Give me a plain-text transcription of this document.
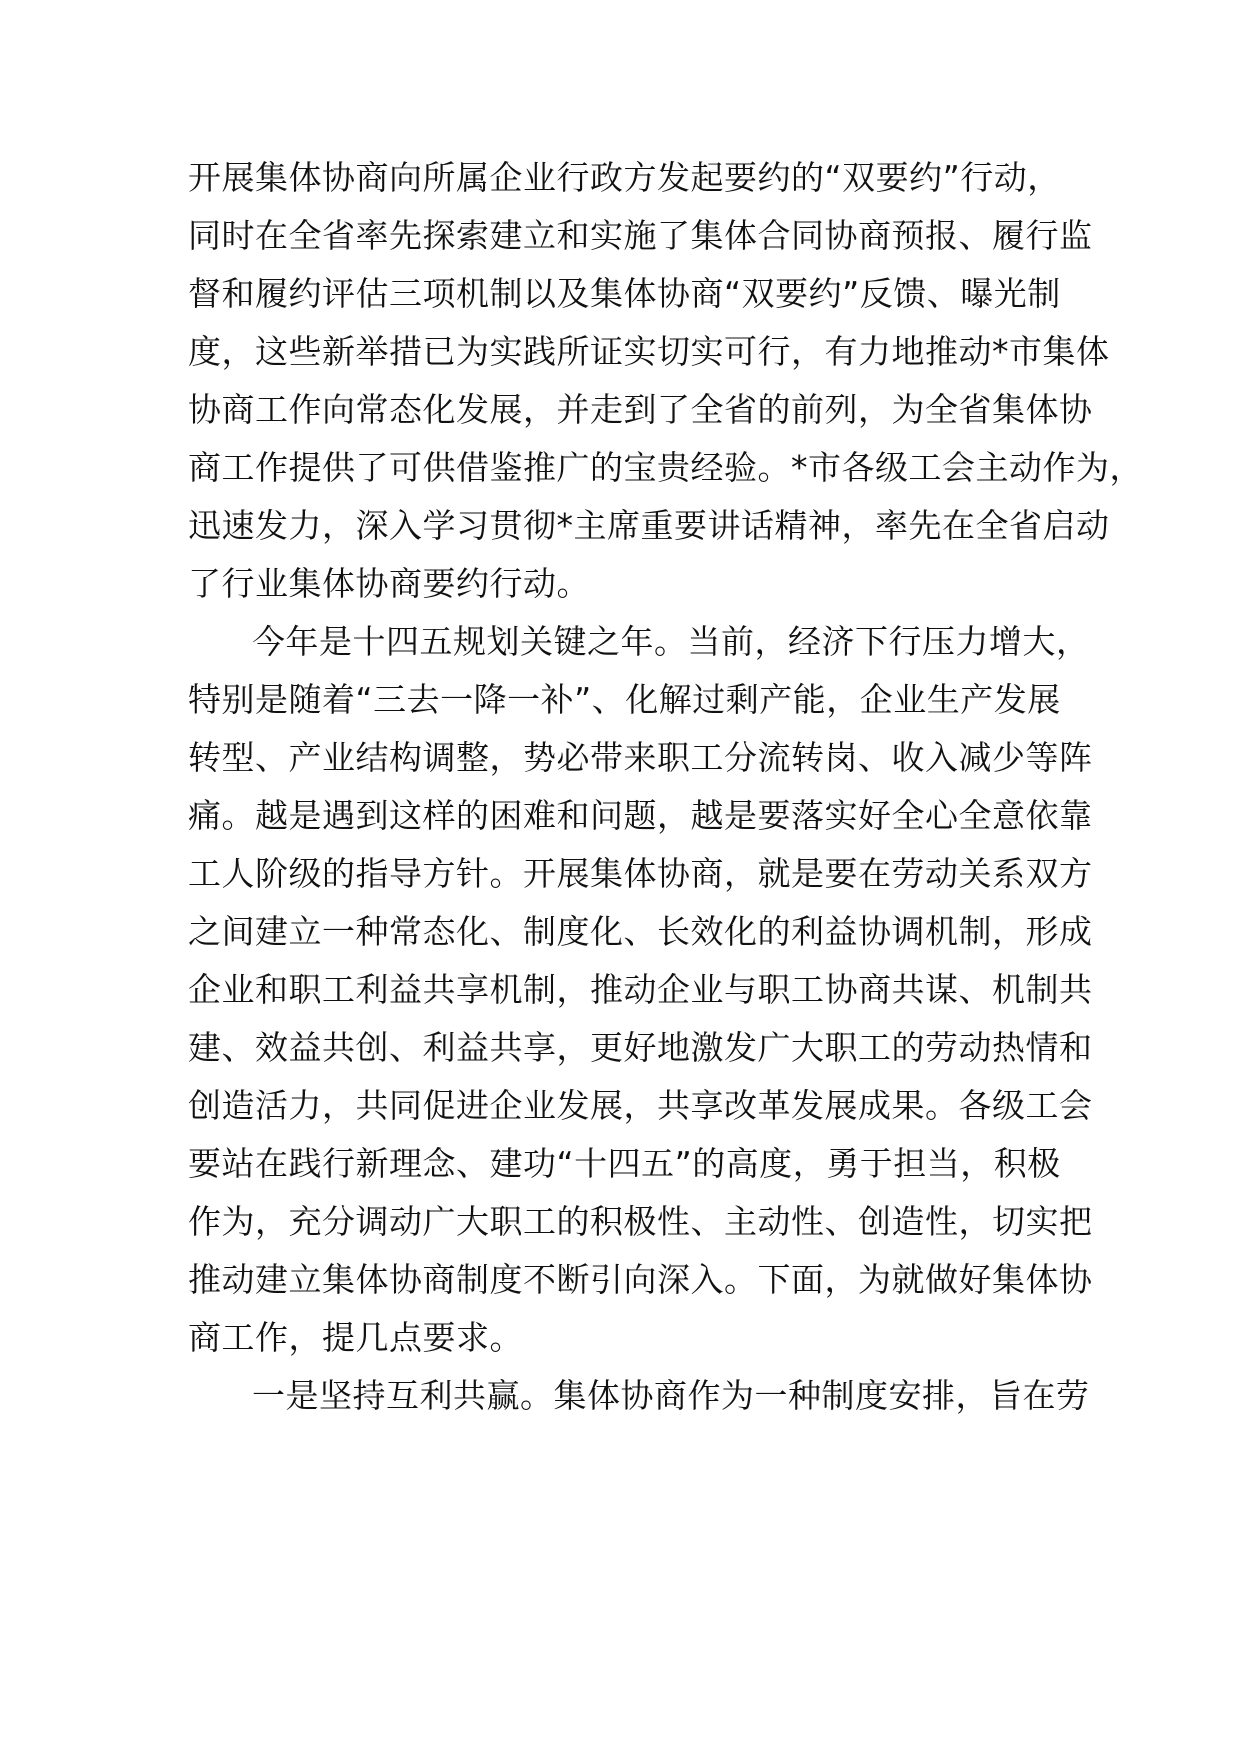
开展集体协商向所属企业行政方发起要约的“双要约”行动，

同时在全省率先探索建立和实施了集体合同协商预报、履行监

督和履约评估三项机制以及集体协商“双要约”反馈、曝光制

度，这些新举措已为实践所证实切实可行，有力地推动*市集体

协商工作向常态化发展，并走到了全省的前列，为全省集体协

商工作提供了可供借鉴推广的宝贵经验。*市各级工会主动作为，

迅速发力，深入学习贯彻*主席重要讲话精神，率先在全省启动

了行业集体协商要约行动。

今年是十四五规划关键之年。当前，经济下行压力增大，

特别是随着“三去一降一补”、化解过剩产能，企业生产发展

转型、产业结构调整，势必带来职工分流转岗、收入减少等阵

痛。越是遇到这样的困难和问题，越是要落实好全心全意依靠

工人阶级的指导方针。开展集体协商，就是要在劳动关系双方

之间建立一种常态化、制度化、长效化的利益协调机制，形成

企业和职工利益共享机制，推动企业与职工协商共谋、机制共

建、效益共创、利益共享，更好地激发广大职工的劳动热情和

创造活力，共同促进企业发展，共享改革发展成果。各级工会

要站在践行新理念、建功“十四五”的高度，勇于担当，积极

作为，充分调动广大职工的积极性、主动性、创造性，切实把

推动建立集体协商制度不断引向深入。下面，为就做好集体协

商工作，提几点要求。

一是坚持互利共赢。集体协商作为一种制度安排，旨在劳
